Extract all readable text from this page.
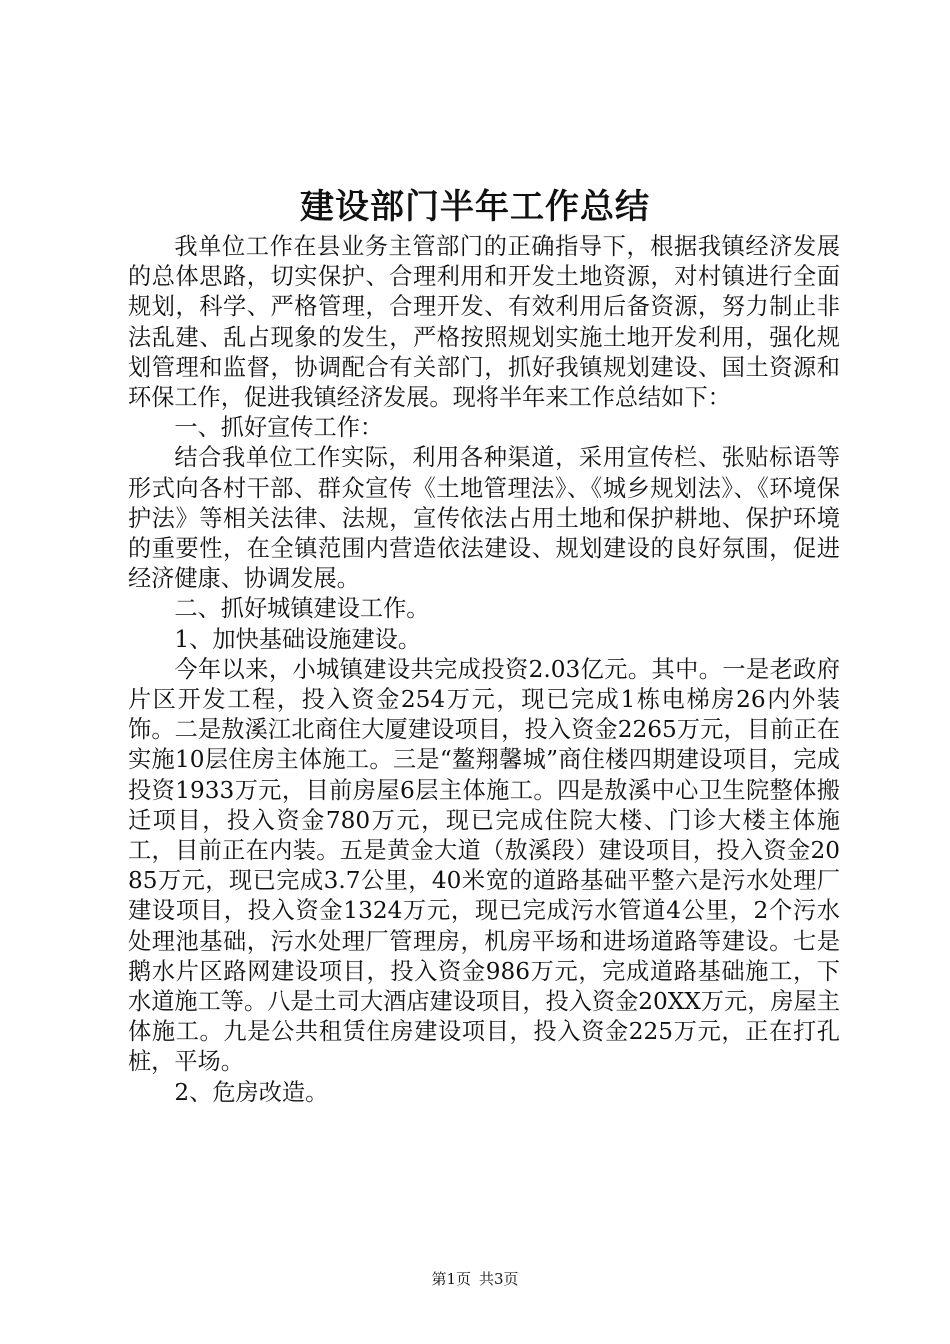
建设部门半年工作总结

我单位工作在县业务主管部门的正确指导下，根据我镇经济发展的总体思路，切实保护、合理利用和开发土地资源，对村镇进行全面规划，科学、严格管理，合理开发、有效利用后备资源，努力制止非法乱建、乱占现象的发生，严格按照规划实施土地开发利用，强化规划管理和监督，协调配合有关部门，抓好我镇规划建设、国土资源和环保工作，促进我镇经济发展。现将半年来工作总结如下：

一、抓好宣传工作：

结合我单位工作实际，利用各种渠道，采用宣传栏、张贴标语等形式向各村干部、群众宣传《土地管理法》、《城乡规划法》、《环境保护法》等相关法律、法规，宣传依法占用土地和保护耕地、保护环境的重要性，在全镇范围内营造依法建设、规划建设的良好氛围，促进经济健康、协调发展。

二、抓好城镇建设工作。

1、加快基础设施建设。

今年以来，小城镇建设共完成投资2.03亿元。其中。一是老政府片区开发工程，投入资金254万元，现已完成1栋电梯房26内外装饰。二是敖溪江北商住大厦建设项目，投入资金2265万元，目前正在实施10层住房主体施工。三是“鳌翔馨城”商住楼四期建设项目，完成投资1933万元，目前房屋6层主体施工。四是敖溪中心卫生院整体搬迁项目，投入资金780万元，现已完成住院大楼、门诊大楼主体施工，目前正在内装。五是黄金大道（敖溪段）建设项目，投入资金2085万元，现已完成3.7公里，40米宽的道路基础平整六是污水处理厂建设项目，投入资金1324万元，现已完成污水管道4公里，2个污水处理池基础，污水处理厂管理房，机房平场和进场道路等建设。七是鹅水片区路网建设项目，投入资金986万元，完成道路基础施工，下水道施工等。八是土司大酒店建设项目，投入资金20XX万元，房屋主体施工。九是公共租赁住房建设项目，投入资金225万元，正在打孔桩，平场。

2、危房改造。

第1页 共3页
